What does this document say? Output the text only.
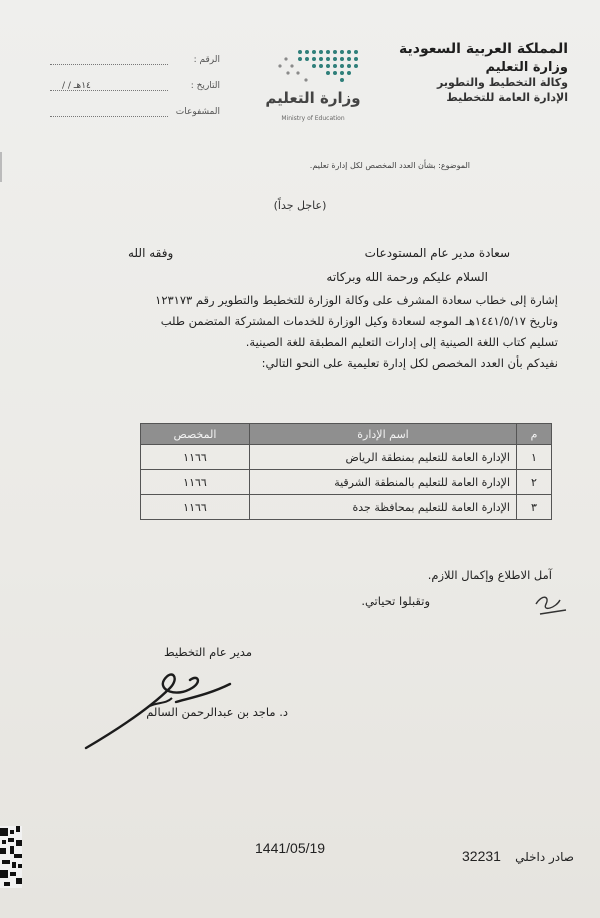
المملكة العربية السعودية
وزارة التعليم
وكالة التخطيط والتطوير
الإدارة العامة للتخطيط
وزارة التعليم
Ministry of Education
الرقم :
التاريخ :
/ / ١٤هـ
المشفوعات
الموضوع: بشأن العدد المخصص لكل إدارة تعليم.
(عاجل جداً)
سعادة مدير عام المستودعات
وفقه الله
السلام عليكم ورحمة الله وبركاته
إشارة إلى خطاب سعادة المشرف على وكالة الوزارة للتخطيط والتطوير رقم ١٢٣١٧٣
وتاريخ ١٤٤١/٥/١٧هـ الموجه لسعادة وكيل الوزارة للخدمات المشتركة المتضمن طلب
تسليم كتاب اللغة الصينية إلى إدارات التعليم المطبقة للغة الصينية.
نفيدكم بأن العدد المخصص لكل إدارة تعليمية على النحو التالي:
م	اسم الإدارة	المخصص
١	الإدارة العامة للتعليم بمنطقة الرياض	١١٦٦
٢	الإدارة العامة للتعليم بالمنطقة الشرقية	١١٦٦
٣	الإدارة العامة للتعليم بمحافظة جدة	١١٦٦
آمل الاطلاع وإكمال اللازم.
وتقبلوا تحياتي.
مدير عام التخطيط
د. ماجد بن عبدالرحمن السالم
1441/05/19	32231 صادر داخلي
